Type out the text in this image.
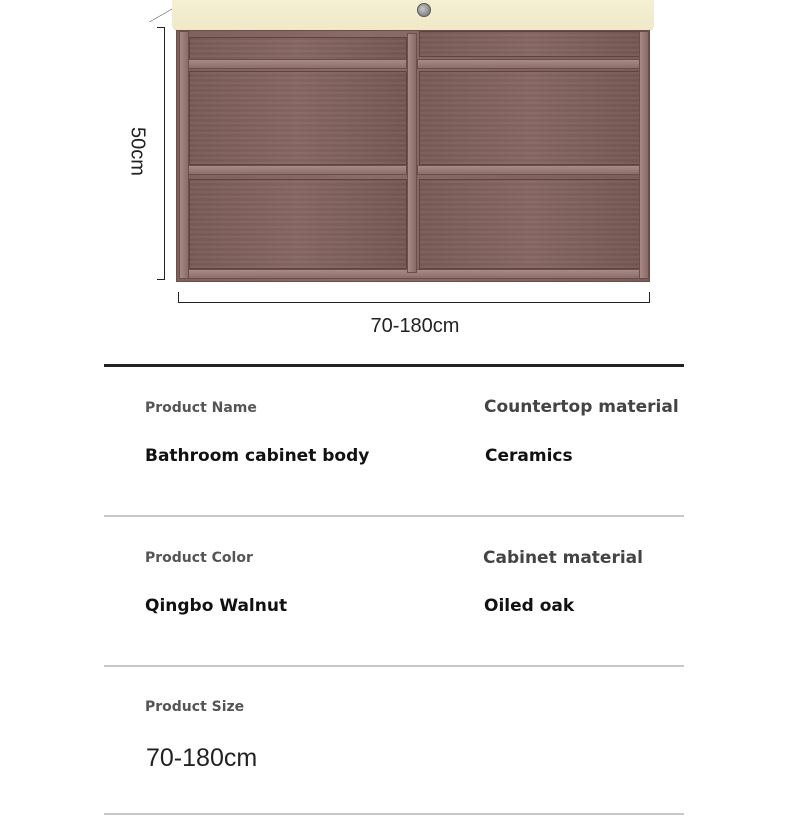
50cm
70-180cm
Product Name
Bathroom cabinet body
Countertop material
Ceramics
Product Color
Qingbo Walnut
Cabinet material
Oiled oak
Product Size
70-180cm
